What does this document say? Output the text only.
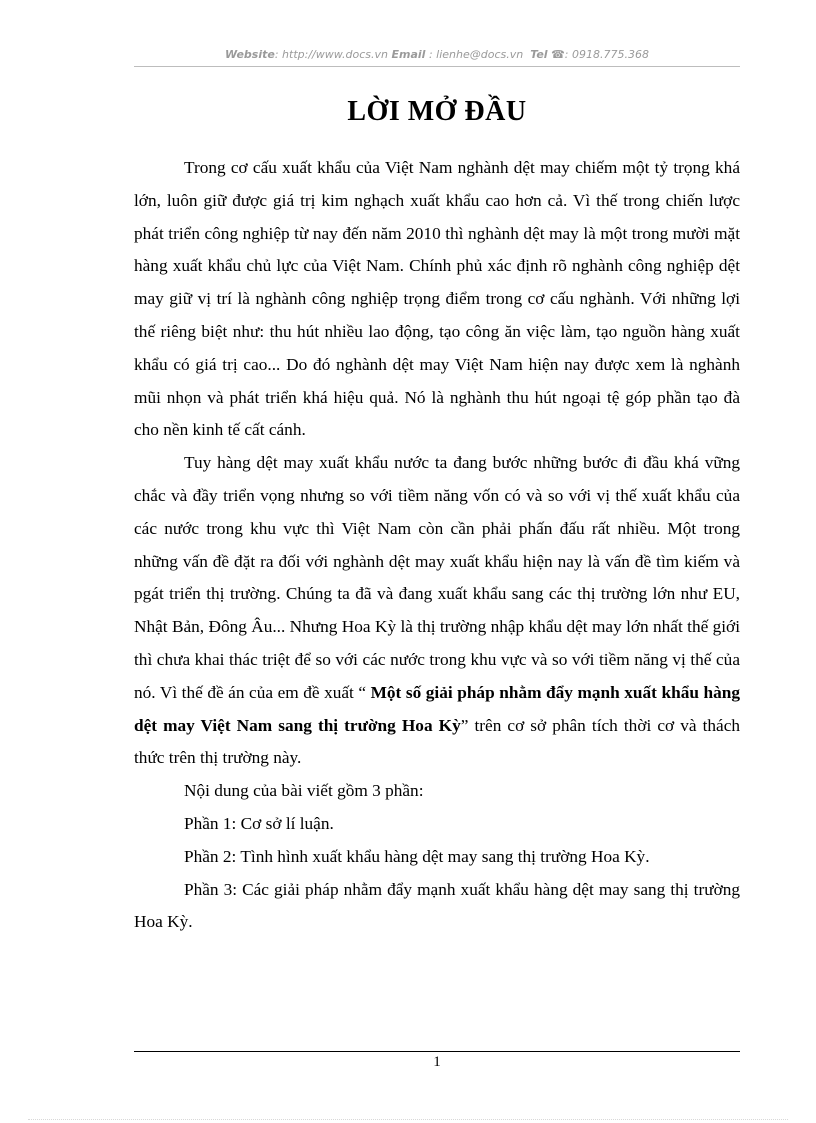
Website: http://www.docs.vn Email : lienhe@docs.vn Tel ☎: 0918.775.368
LỜI MỞ ĐẦU

Trong cơ cấu xuất khẩu của Việt Nam nghành dệt may chiếm một tỷ trọng khá lớn, luôn giữ được giá trị kim nghạch xuất khẩu cao hơn cả. Vì thế trong chiến lược phát triển công nghiệp từ nay đến năm 2010 thì nghành dệt may là một trong mười mặt hàng xuất khẩu chủ lực của Việt Nam. Chính phủ xác định rõ nghành công nghiệp dệt may giữ vị trí là nghành công nghiệp trọng điểm trong cơ cấu nghành. Với những lợi thế riêng biệt như: thu hút nhiều lao động, tạo công ăn việc làm, tạo nguồn hàng xuất khẩu có giá trị cao... Do đó nghành dệt may Việt Nam hiện nay được xem là nghành mũi nhọn và phát triển khá hiệu quả. Nó là nghành thu hút ngoại tệ góp phần tạo đà cho nền kinh tế cất cánh.

Tuy hàng dệt may xuất khẩu nước ta đang bước những bước đi đầu khá vững chắc và đầy triển vọng nhưng so với tiềm năng vốn có và so với vị thế xuất khẩu của các nước trong khu vực thì Việt Nam còn cần phải phấn đấu rất nhiều. Một trong những vấn đề đặt ra đối với nghành dệt may xuất khẩu hiện nay là vấn đề tìm kiếm và pgát triển thị trường. Chúng ta đã và đang xuất khẩu sang các thị trường lớn như EU, Nhật Bản, Đông Âu... Nhưng Hoa Kỳ là thị trường nhập khẩu dệt may lớn nhất thế giới thì chưa khai thác triệt để so với các nước trong khu vực và so với tiềm năng vị thế của nó. Vì thế đề án của em đề xuất “ Một số giải pháp nhằm đẩy mạnh xuất khẩu hàng dệt may Việt Nam sang thị trường Hoa Kỳ” trên cơ sở phân tích thời cơ và thách thức trên thị trường này.

Nội dung của bài viết gồm 3 phần:

Phần 1: Cơ sở lí luận.

Phần 2: Tình hình xuất khẩu hàng dệt may sang thị trường Hoa Kỳ.

Phần 3: Các giải pháp nhằm đẩy mạnh xuất khẩu hàng dệt may sang thị trường Hoa Kỳ.

1
